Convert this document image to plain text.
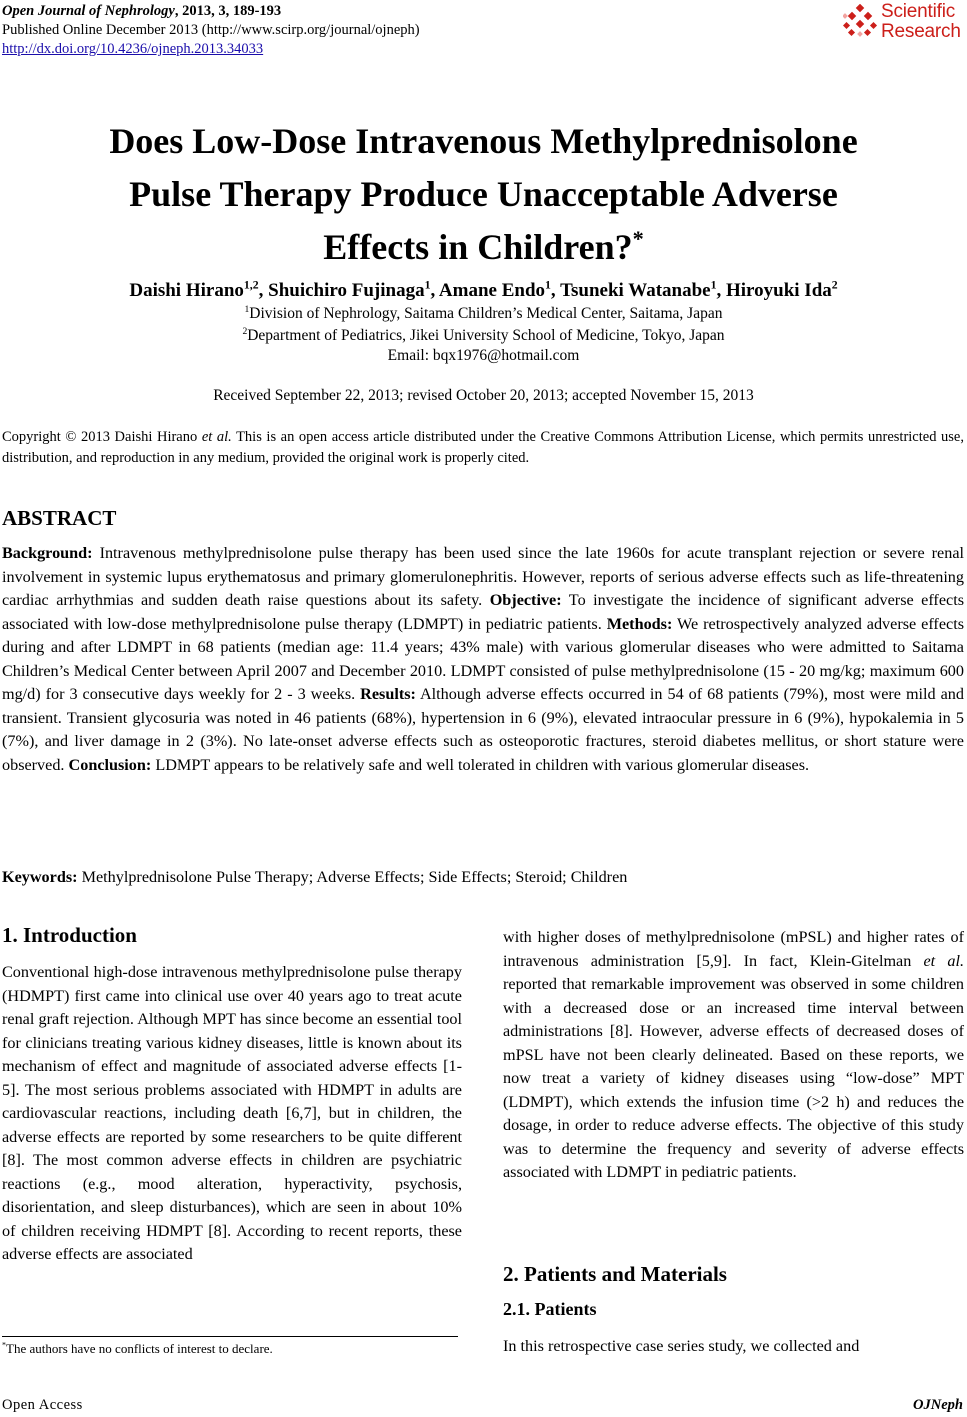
Open Journal of Nephrology, 2013, 3, 189-193
Published Online December 2013 (http://www.scirp.org/journal/ojneph)
http://dx.doi.org/10.4236/ojneph.2013.34033
Scientific
Research
Does Low-Dose Intravenous Methylprednisolone
Pulse Therapy Produce Unacceptable Adverse
Effects in Children?*
Daishi Hirano$^{1,2}$, Shuichiro Fujinaga$^1$, Amane Endo$^1$, Tsuneki Watanabe$^1$, Hiroyuki Ida$^2$
$^1$Division of Nephrology, Saitama Children’s Medical Center, Saitama, Japan
$^2$Department of Pediatrics, Jikei University School of Medicine, Tokyo, Japan
Email: bqx1976@hotmail.com
Received September 22, 2013; revised October 20, 2013; accepted November 15, 2013
Copyright © 2013 Daishi Hirano et al. This is an open access article distributed under the Creative Commons Attribution License, which permits unrestricted use, distribution, and reproduction in any medium, provided the original work is properly cited.
ABSTRACT
Background: Intravenous methylprednisolone pulse therapy has been used since the late 1960s for acute transplant rejection or severe renal involvement in systemic lupus erythematosus and primary glomerulonephritis. However, reports of serious adverse effects such as life-threatening cardiac arrhythmias and sudden death raise questions about its safety. Objective: To investigate the incidence of significant adverse effects associated with low-dose methylprednisolone pulse therapy (LDMPT) in pediatric patients. Methods: We retrospectively analyzed adverse effects during and after LDMPT in 68 patients (median age: 11.4 years; 43% male) with various glomerular diseases who were admitted to Saitama Children’s Medical Center between April 2007 and December 2010. LDMPT consisted of pulse methylprednisolone (15 - 20 mg/kg; maximum 600 mg/d) for 3 consecutive days weekly for 2 - 3 weeks. Results: Although adverse effects occurred in 54 of 68 patients (79%), most were mild and transient. Transient glycosuria was noted in 46 patients (68%), hypertension in 6 (9%), elevated intraocular pressure in 6 (9%), hypokalemia in 5 (7%), and liver damage in 2 (3%). No late-onset adverse effects such as osteoporotic fractures, steroid diabetes mellitus, or short stature were observed. Conclusion: LDMPT appears to be relatively safe and well tolerated in children with various glomerular diseases.
Keywords: Methylprednisolone Pulse Therapy; Adverse Effects; Side Effects; Steroid; Children
1. Introduction
Conventional high-dose intravenous methylprednisolone pulse therapy (HDMPT) first came into clinical use over 40 years ago to treat acute renal graft rejection. Although MPT has since become an essential tool for clinicians treating various kidney diseases, little is known about its mechanism of effect and magnitude of associated adverse effects [1-5]. The most serious problems associated with HDMPT in adults are cardiovascular reactions, including death [6,7], but in children, the adverse effects are reported by some researchers to be quite different [8]. The most common adverse effects in children are psychiatric reactions (e.g., mood alteration, hyperactivity, psychosis, disorientation, and sleep disturbances), which are seen in about 10% of children receiving HDMPT [8]. According to recent reports, these adverse effects are associated
with higher doses of methylprednisolone (mPSL) and higher rates of intravenous administration [5,9]. In fact, Klein-Gitelman et al. reported that remarkable improvement was observed in some children with a decreased dose or an increased time interval between administrations [8]. However, adverse effects of decreased doses of mPSL have not been clearly delineated. Based on these reports, we now treat a variety of kidney diseases using “low-dose” MPT (LDMPT), which extends the infusion time (>2 h) and reduces the dosage, in order to reduce adverse effects. The objective of this study was to determine the frequency and severity of adverse effects associated with LDMPT in pediatric patients.
2. Patients and Materials
2.1. Patients
In this retrospective case series study, we collected and
*The authors have no conflicts of interest to declare.
Open Access	OJNeph
